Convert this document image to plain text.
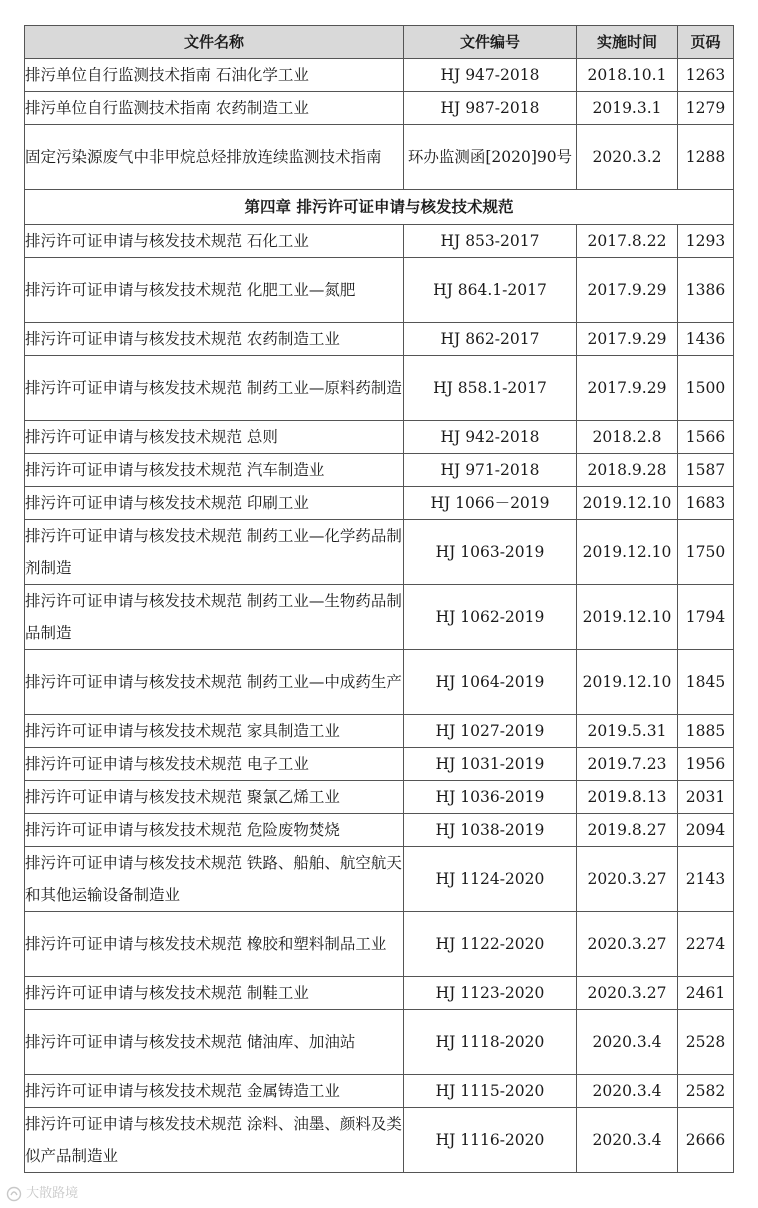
文件名称	文件编号	实施时间	页码
排污单位自行监测技术指南 石油化学工业	HJ 947-2018	2018.10.1	1263
排污单位自行监测技术指南 农药制造工业	HJ 987-2018	2019.3.1	1279
固定污染源废气中非甲烷总烃排放连续监测技术指南	环办监测函[2020]90号	2020.3.2	1288
第四章 排污许可证申请与核发技术规范			
排污许可证申请与核发技术规范 石化工业	HJ 853-2017	2017.8.22	1293
排污许可证申请与核发技术规范 化肥工业—氮肥	HJ 864.1-2017	2017.9.29	1386
排污许可证申请与核发技术规范 农药制造工业	HJ 862-2017	2017.9.29	1436
排污许可证申请与核发技术规范 制药工业—原料药制造	HJ 858.1-2017	2017.9.29	1500
排污许可证申请与核发技术规范 总则	HJ 942-2018	2018.2.8	1566
排污许可证申请与核发技术规范 汽车制造业	HJ 971-2018	2018.9.28	1587
排污许可证申请与核发技术规范 印刷工业	HJ 1066－2019	2019.12.10	1683
排污许可证申请与核发技术规范 制药工业—化学药品制剂制造	HJ 1063-2019	2019.12.10	1750
排污许可证申请与核发技术规范 制药工业—生物药品制品制造	HJ 1062-2019	2019.12.10	1794
排污许可证申请与核发技术规范 制药工业—中成药生产	HJ 1064-2019	2019.12.10	1845
排污许可证申请与核发技术规范 家具制造工业	HJ 1027-2019	2019.5.31	1885
排污许可证申请与核发技术规范 电子工业	HJ 1031-2019	2019.7.23	1956
排污许可证申请与核发技术规范 聚氯乙烯工业	HJ 1036-2019	2019.8.13	2031
排污许可证申请与核发技术规范 危险废物焚烧	HJ 1038-2019	2019.8.27	2094
排污许可证申请与核发技术规范 铁路、船舶、航空航天和其他运输设备制造业	HJ 1124-2020	2020.3.27	2143
排污许可证申请与核发技术规范 橡胶和塑料制品工业	HJ 1122-2020	2020.3.27	2274
排污许可证申请与核发技术规范 制鞋工业	HJ 1123-2020	2020.3.27	2461
排污许可证申请与核发技术规范 储油库、加油站	HJ 1118-2020	2020.3.4	2528
排污许可证申请与核发技术规范 金属铸造工业	HJ 1115-2020	2020.3.4	2582
排污许可证申请与核发技术规范 涂料、油墨、颜料及类似产品制造业	HJ 1116-2020	2020.3.4	2666
大散路境
